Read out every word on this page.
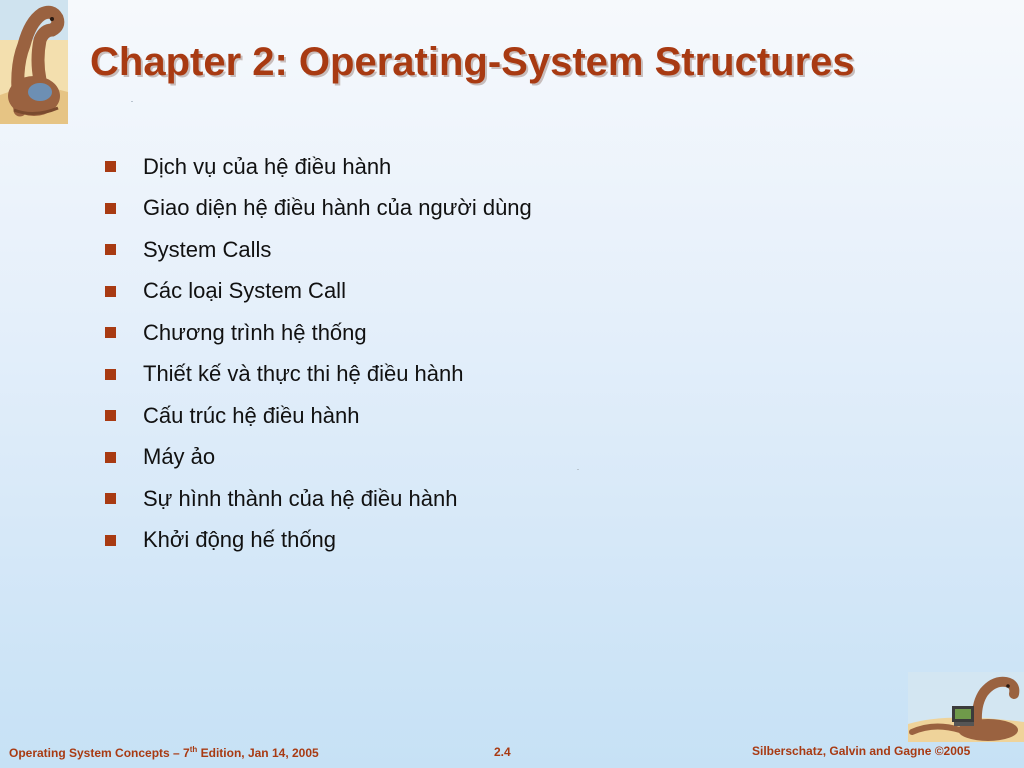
Chapter 2: Operating-System Structures
Dịch vụ của hệ điều hành
Giao diện hệ điều hành của người dùng
System Calls
Các loại System Call
Chương trình hệ thống
Thiết kế và thực thi hệ điều hành
Cấu trúc hệ điều hành
Máy ảo
Sự hình thành của hệ điều hành
Khởi động hế thống
Operating System Concepts – 7th Edition, Jan 14, 2005	2.4	Silberschatz, Galvin and Gagne ©2005
